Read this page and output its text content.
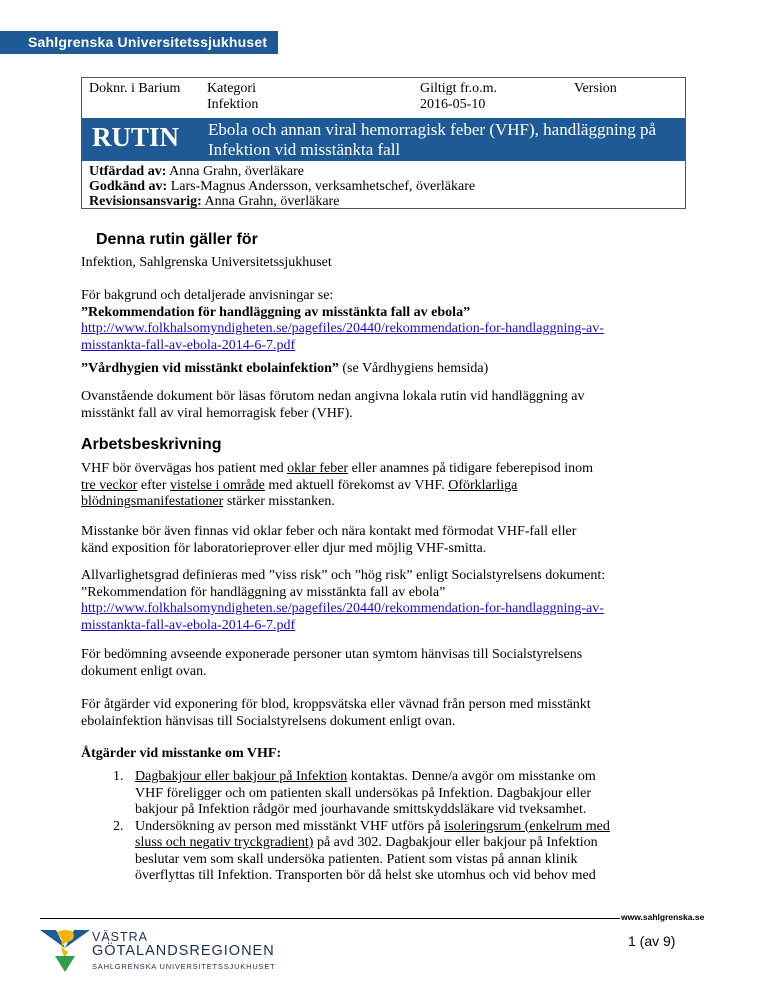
Sahlgrenska Universitetssjukhuset
Doknr. i Barium Kategori
Infektion
Giltigt fr.o.m.
2016-05-10
Version
RUTIN Ebola och annan viral hemorragisk feber (VHF), handläggning på Infektion vid misstänkta fall
Utfärdad av: Anna Grahn, överläkare
Godkänd av: Lars-Magnus Andersson, verksamhetschef, överläkare
Revisionsansvarig: Anna Grahn, överläkare
Denna rutin gäller för

Infektion, Sahlgrenska Universitetssjukhuset

För bakgrund och detaljerade anvisningar se:
”Rekommendation för handläggning av misstänkta fall av ebola”
http://www.folkhalsomyndigheten.se/pagefiles/20440/rekommendation-for-handlaggning-av-
misstankta-fall-av-ebola-2014-6-7.pdf

”Vårdhygien vid misstänkt ebolainfektion” (se Vårdhygiens hemsida)

Ovanstående dokument bör läsas förutom nedan angivna lokala rutin vid handläggning av
misstänkt fall av viral hemorragisk feber (VHF).

Arbetsbeskrivning

VHF bör övervägas hos patient med oklar feber eller anamnes på tidigare feberepisod inom
tre veckor efter vistelse i område med aktuell förekomst av VHF. Oförklarliga
blödningsmanifestationer stärker misstanken.

Misstanke bör även finnas vid oklar feber och nära kontakt med förmodat VHF-fall eller
känd exposition för laboratorieprover eller djur med möjlig VHF-smitta.

Allvarlighetsgrad definieras med ”viss risk” och ”hög risk” enligt Socialstyrelsens dokument:
”Rekommendation för handläggning av misstänkta fall av ebola”
http://www.folkhalsomyndigheten.se/pagefiles/20440/rekommendation-for-handlaggning-av-
misstankta-fall-av-ebola-2014-6-7.pdf

För bedömning avseende exponerade personer utan symtom hänvisas till Socialstyrelsens
dokument enligt ovan.

För åtgärder vid exponering för blod, kroppsvätska eller vävnad från person med misstänkt
ebolainfektion hänvisas till Socialstyrelsens dokument enligt ovan.

Åtgärder vid misstanke om VHF:

1. Dagbakjour eller bakjour på Infektion kontaktas. Denne/a avgör om misstanke om
VHF föreligger och om patienten skall undersökas på Infektion. Dagbakjour eller
bakjour på Infektion rådgör med jourhavande smittskyddsläkare vid tveksamhet.
2. Undersökning av person med misstänkt VHF utförs på isoleringsrum (enkelrum med
sluss och negativ tryckgradient) på avd 302. Dagbakjour eller bakjour på Infektion
beslutar vem som skall undersöka patienten. Patient som vistas på annan klinik
överflyttas till Infektion. Transporten bör då helst ske utomhus och vid behov med
www.sahlgrenska.se
1 (av 9)
VÄSTRA
GÖTALANDSREGIONEN
SAHLGRENSKA UNIVERSITETSSJUKHUSET
